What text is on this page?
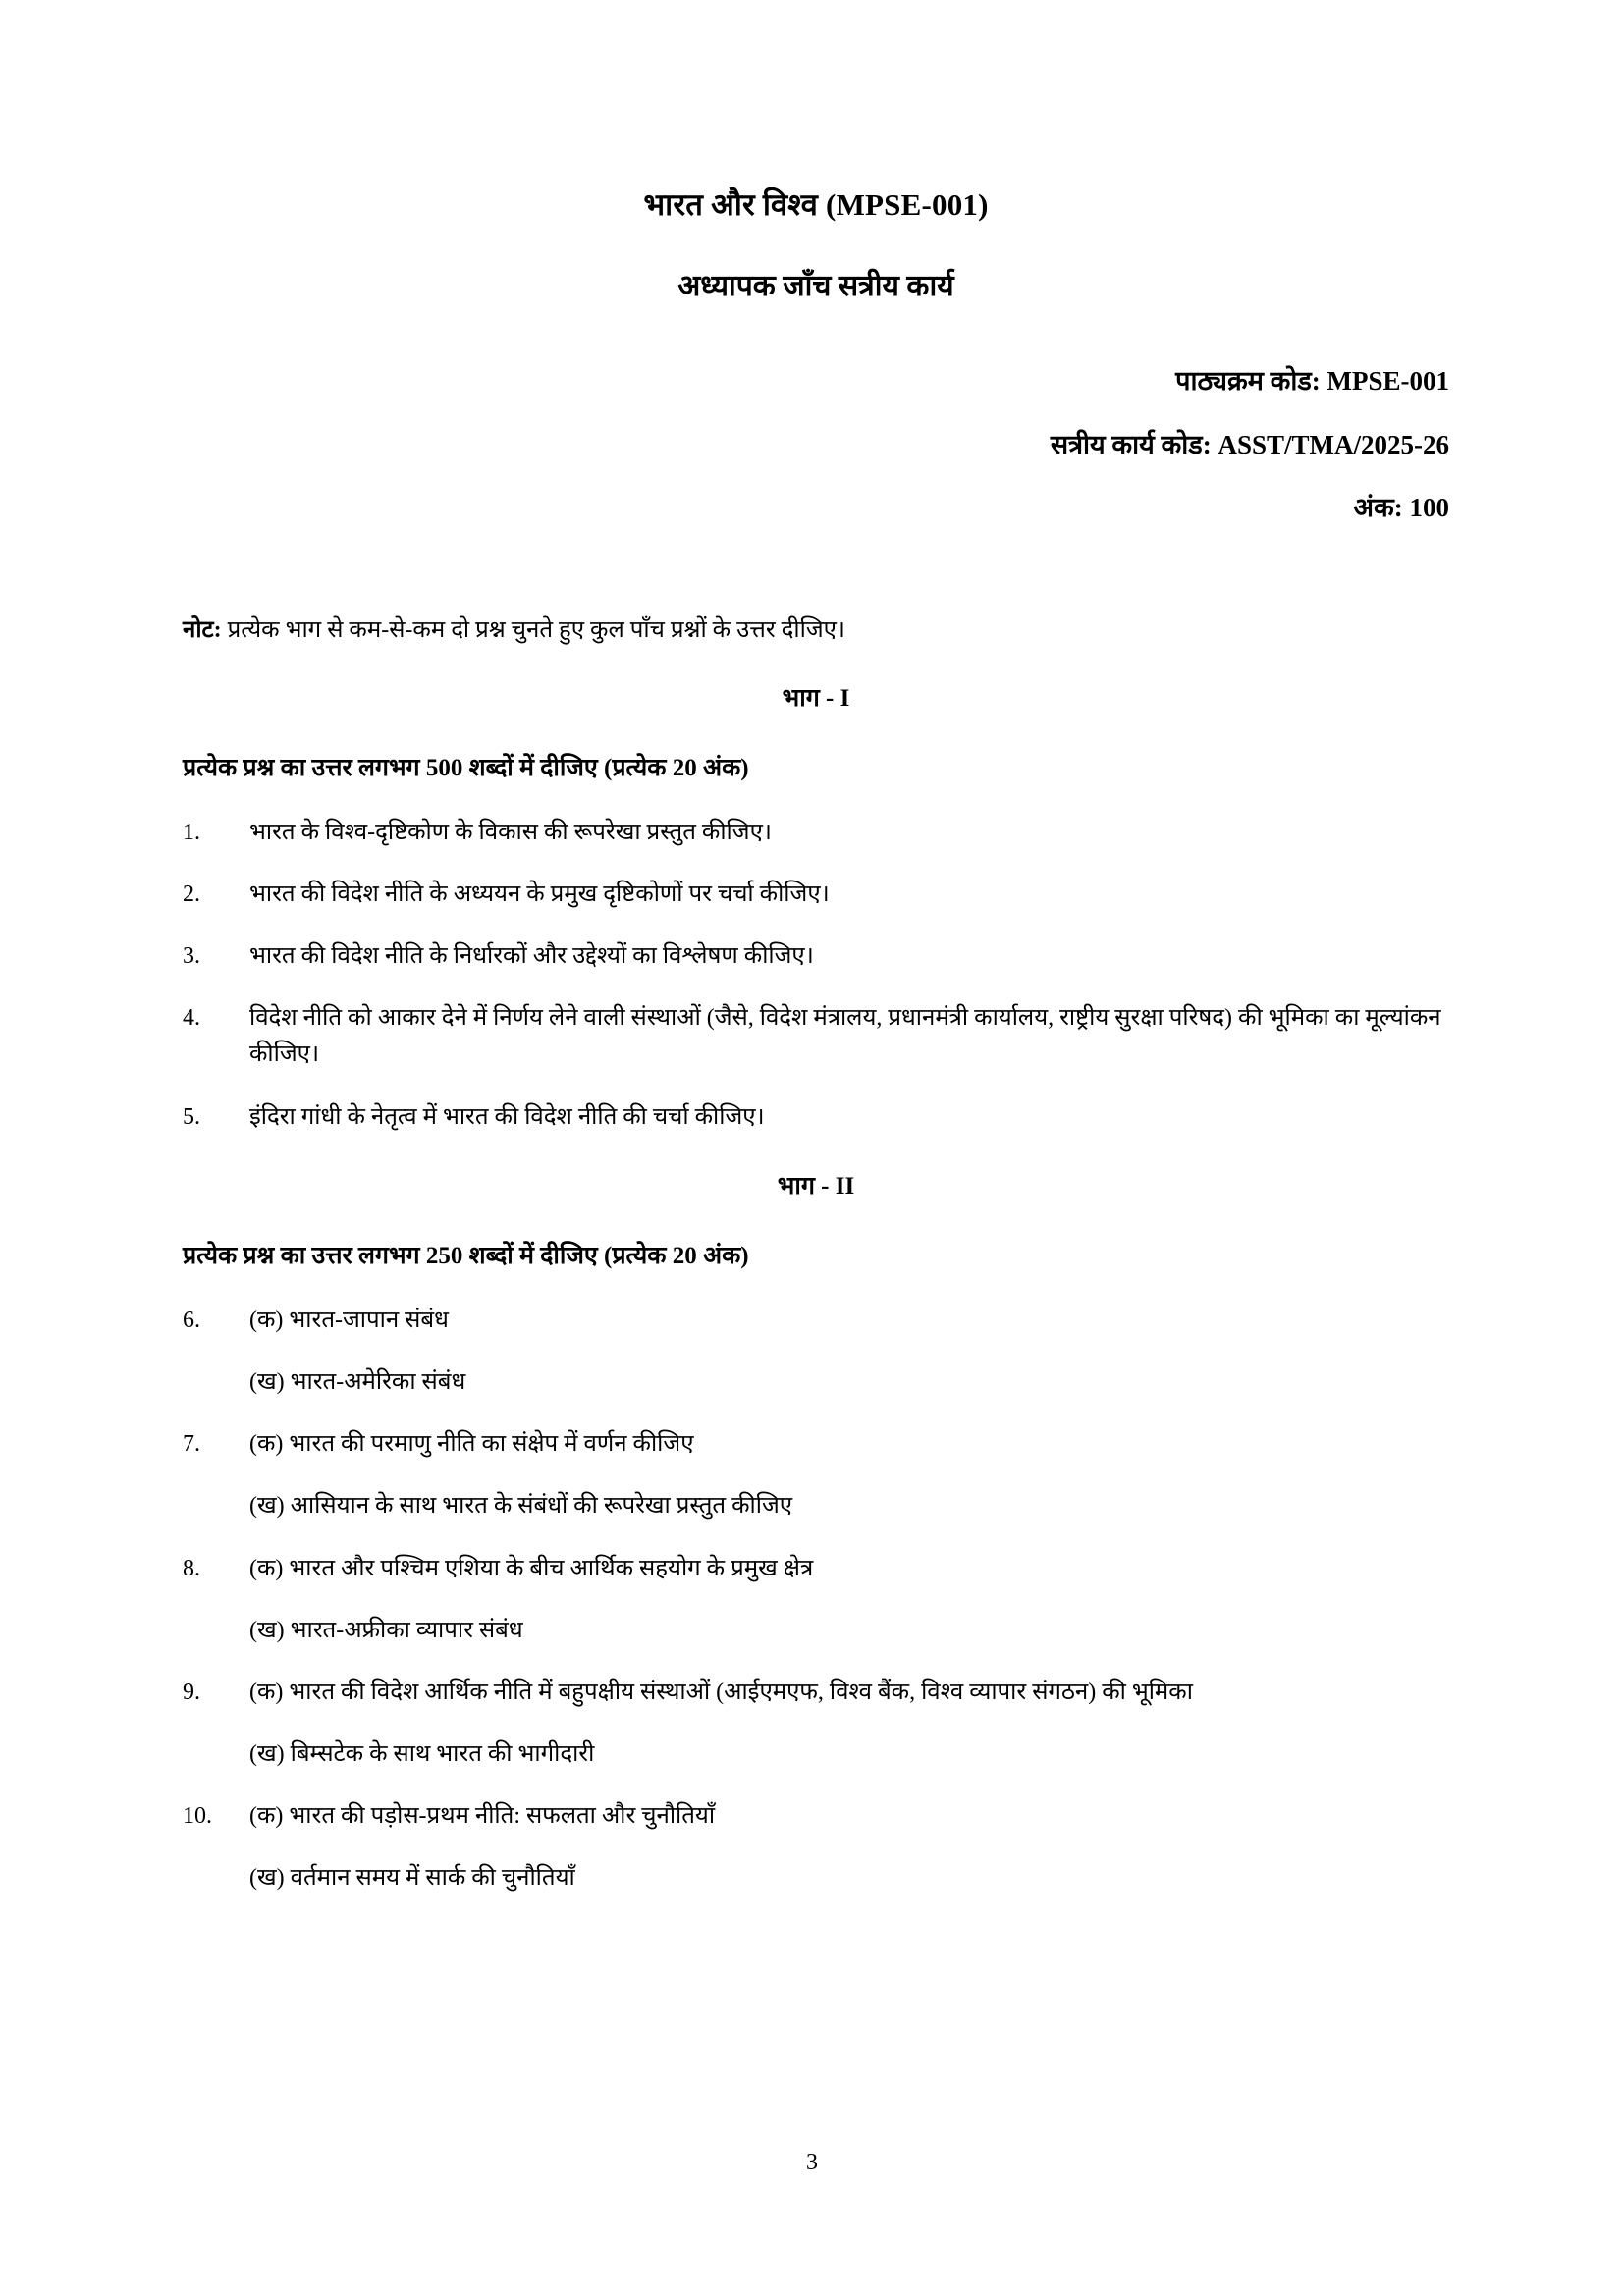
भारत और विश्व (MPSE-001)
अध्यापक जाँच सत्रीय कार्य

पाठ्यक्रम कोड: MPSE-001

सत्रीय कार्य कोड: ASST/TMA/2025-26

अंक: 100

नोट: प्रत्येक भाग से कम-से-कम दो प्रश्न चुनते हुए कुल पाँच प्रश्नों के उत्तर दीजिए।

भाग - I

प्रत्येक प्रश्न का उत्तर लगभग 500 शब्दों में दीजिए (प्रत्येक 20 अंक)

1.	भारत के विश्व-दृष्टिकोण के विकास की रूपरेखा प्रस्तुत कीजिए।
2.	भारत की विदेश नीति के अध्ययन के प्रमुख दृष्टिकोणों पर चर्चा कीजिए।
3.	भारत की विदेश नीति के निर्धारकों और उद्देश्यों का विश्लेषण कीजिए।
4.	विदेश नीति को आकार देने में निर्णय लेने वाली संस्थाओं (जैसे, विदेश मंत्रालय, प्रधानमंत्री कार्यालय, राष्ट्रीय सुरक्षा परिषद) की भूमिका का मूल्यांकन कीजिए।
5.	इंदिरा गांधी के नेतृत्व में भारत की विदेश नीति की चर्चा कीजिए।
भाग - II

प्रत्येक प्रश्न का उत्तर लगभग 250 शब्दों में दीजिए (प्रत्येक 20 अंक)

6.	(क) भारत-जापान संबंध
(ख) भारत-अमेरिका संबंध
7.	(क) भारत की परमाणु नीति का संक्षेप में वर्णन कीजिए
(ख) आसियान के साथ भारत के संबंधों की रूपरेखा प्रस्तुत कीजिए
8.	(क) भारत और पश्चिम एशिया के बीच आर्थिक सहयोग के प्रमुख क्षेत्र
(ख) भारत-अफ्रीका व्यापार संबंध
9.	(क) भारत की विदेश आर्थिक नीति में बहुपक्षीय संस्थाओं (आईएमएफ, विश्व बैंक, विश्व व्यापार संगठन) की भूमिका
(ख) बिम्सटेक के साथ भारत की भागीदारी
10.	(क) भारत की पड़ोस-प्रथम नीति: सफलता और चुनौतियाँ
(ख) वर्तमान समय में सार्क की चुनौतियाँ
3
